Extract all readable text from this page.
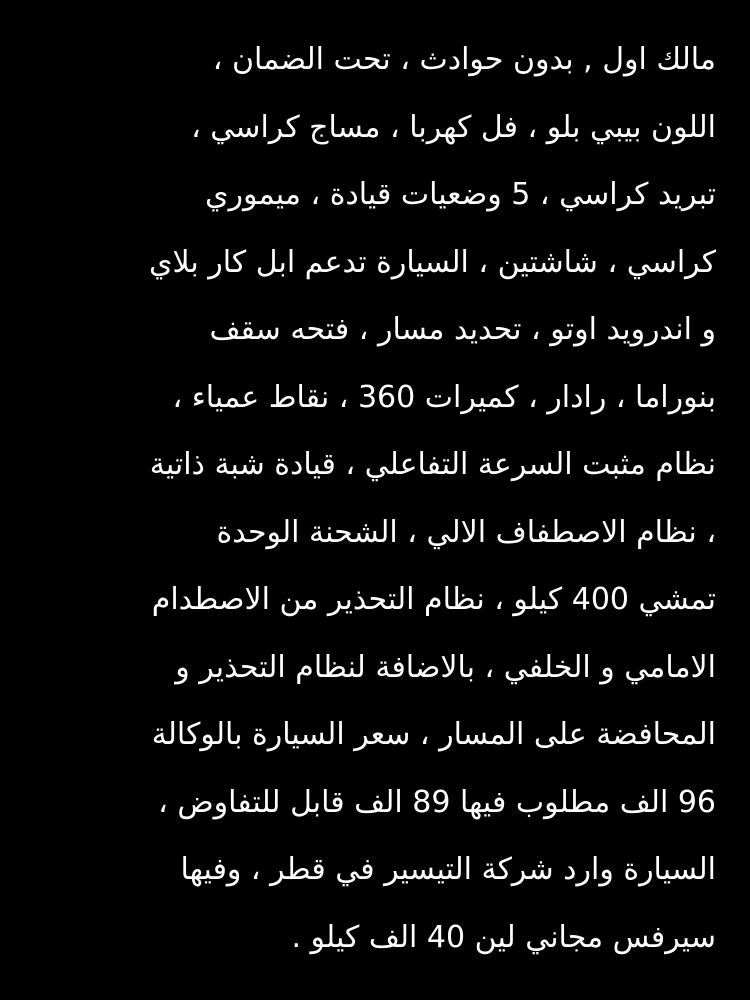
مالك اول , بدون حوادث ، تحت الضمان ،
اللون بيبي بلو ، فل كهربا ، مساج كراسي ،
تبريد كراسي ، 5 وضعيات قيادة ، ميموري
كراسي ، شاشتين ، السيارة تدعم ابل كار بلاي
و اندرويد اوتو ، تحديد مسار ، فتحه سقف
بنوراما ، رادار ، كميرات 360 ، نقاط عمياء ،
نظام مثبت السرعة التفاعلي ، قيادة شبة ذاتية
، نظام الاصطفاف الالي ، الشحنة الوحدة
تمشي 400 كيلو ، نظام التحذير من الاصطدام
الامامي و الخلفي ، بالاضافة لنظام التحذير و
المحافضة على المسار ، سعر السيارة بالوكالة
96 الف مطلوب فيها 89 الف قابل للتفاوض ،
السيارة وارد شركة التيسير في قطر ، وفيها
سيرفس مجاني لين 40 الف كيلو .
